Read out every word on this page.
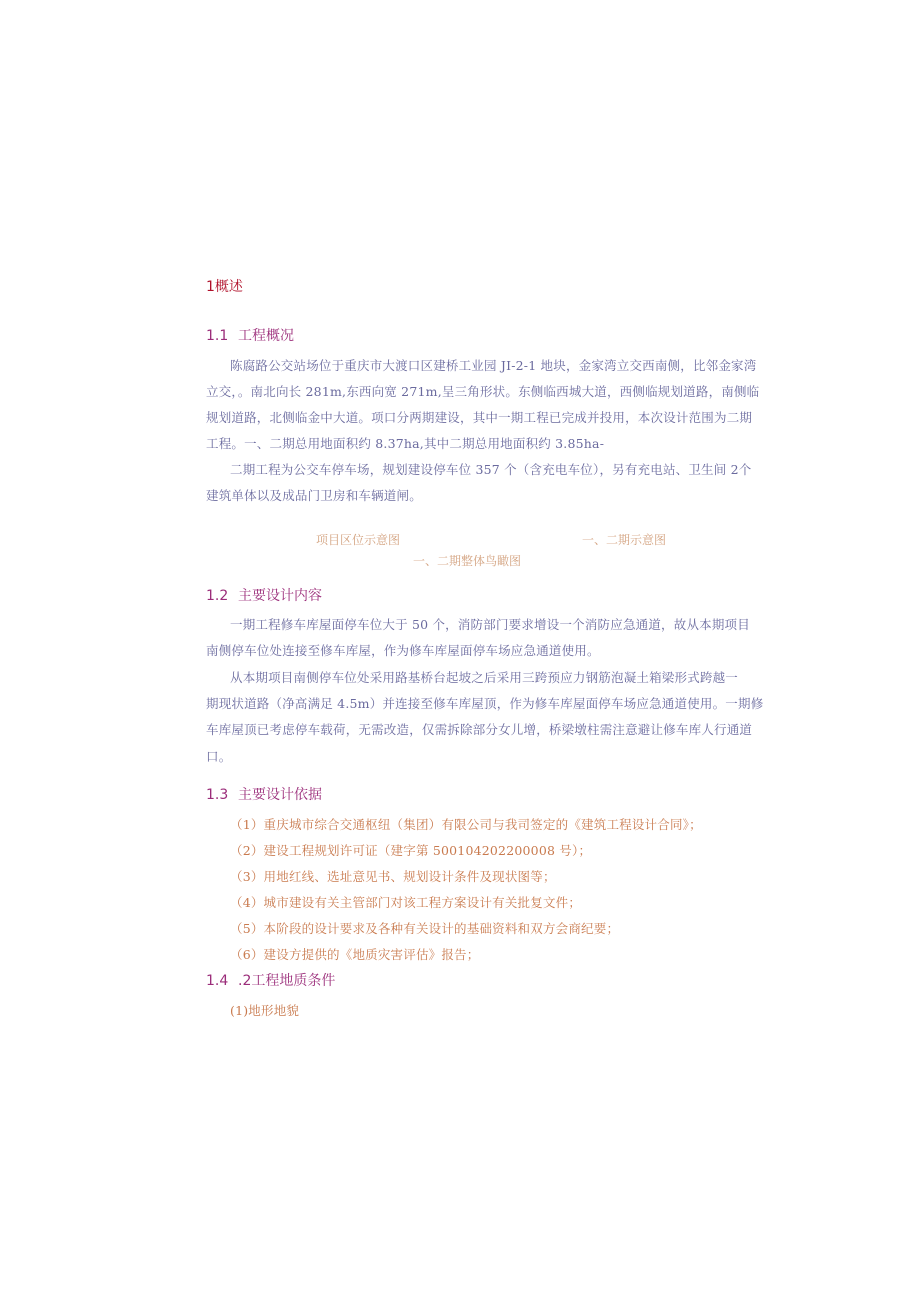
1概述
1.1 工程概况
陈腐路公交站场位于重庆市大渡口区建桥工业园 JI-2-1 地块，金家湾立交西南侧，比邻金家湾
立交，。南北向长 281m,东西向宽 271m,呈三角形状。东侧临西城大道，西侧临规划道路，南侧临
规划道路，北侧临金中大道。项口分两期建设，其中一期工程已完成并投用，本次设计范围为二期
工程。一、二期总用地面积约 8.37ha,其中二期总用地面积约 3.85ha-
二期工程为公交车停车场，规划建设停车位 357 个（含充电车位），另有充电站、卫生间 2个
建筑单体以及成品门卫房和车辆道闸。
项目区位示意图	一、二期示意图
一、二期整体鸟瞰图
1.2 主要设计内容
一期工程修车库屋面停车位大于 50 个，消防部门要求增设一个消防应急通道，故从本期项目
南侧停车位处连接至修车库屋，作为修车库屋面停车场应急通道使用。
从本期项目南侧停车位处采用路基桥台起坡之后采用三跨预应力钢筋泡凝土箱梁形式跨越一
期现状道路（净高满足 4.5m）并连接至修车库屋顶，作为修车库屋面停车场应急通道使用。一期修
车库屋顶已考虑停车载荷，无需改造，仅需拆除部分女儿增，桥梁墩柱需注意避让修车库人行通道
口。
1.3 主要设计依据
（1）重庆城市综合交通枢纽（集团）有限公司与我司签定的《建筑工程设计合同》；
（2）建设工程规划许可证（建字第 500104202200008 号）；
（3）用地红线、选址意见书、规划设计条件及现状图等；
（4）城市建设有关主管部门对该工程方案设计有关批复文件；
（5）本阶段的设计要求及各种有关设计的基础资料和双方会商纪要；
（6）建设方提供的《地质灾害评估》报告；
1.4 .2工程地质条件
(1)地形地貌
